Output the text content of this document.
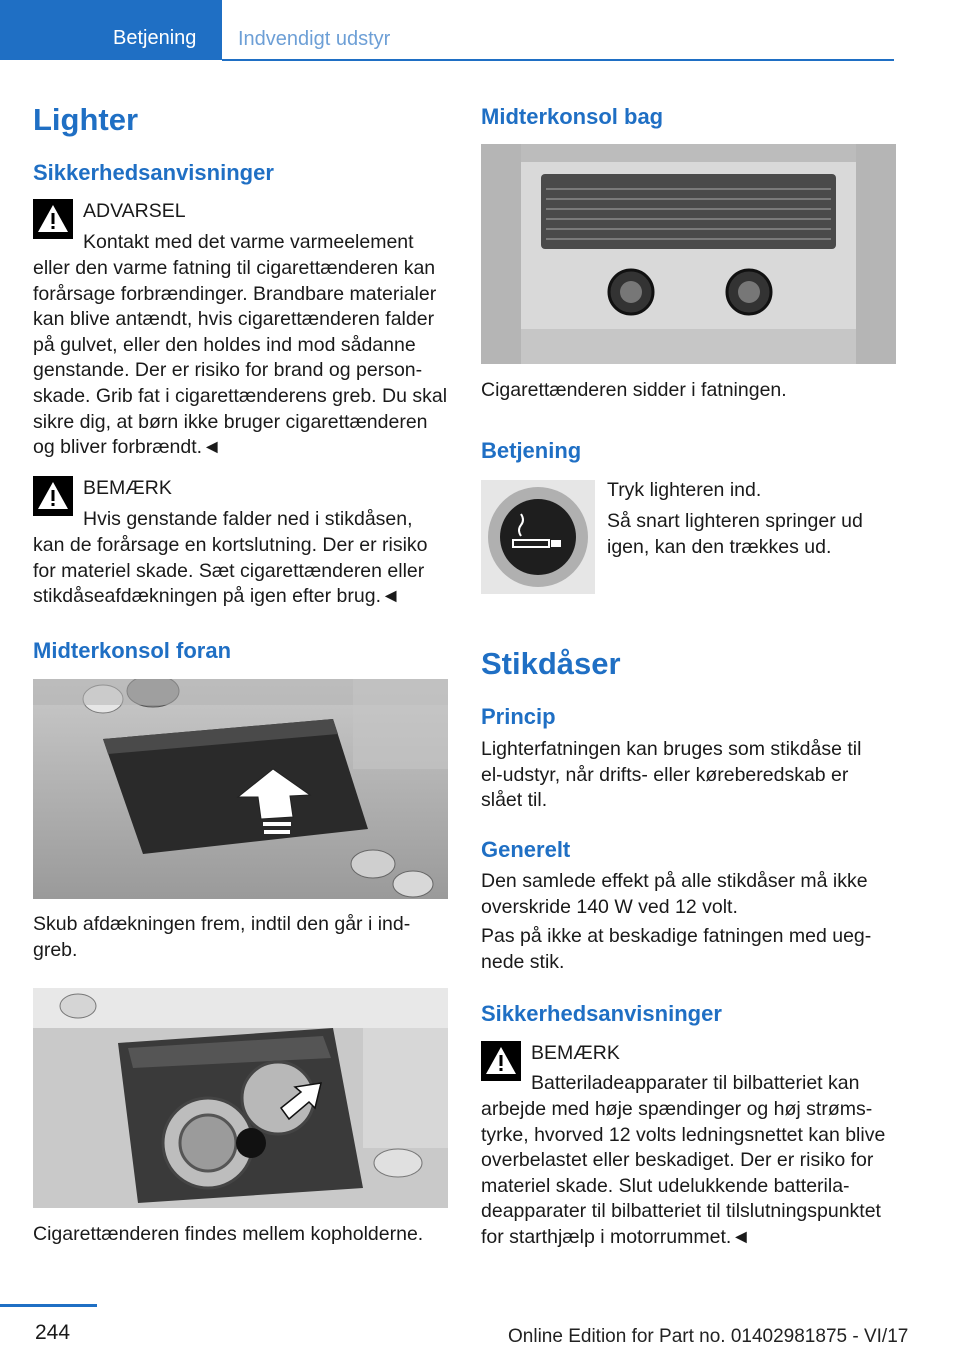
Betjening Indvendigt udstyr
Lighter
Sikkerhedsanvisninger
ADVARSEL
Kontakt med det varme varmeelement
eller den varme fatning til cigarettænderen kan forårsage forbrændinger. Brandbare materialer kan blive antændt, hvis cigarettænderen falder på gulvet, eller den holdes ind mod sådanne genstande. Der er risiko for brand og personskade. Grib fat i cigarettænderens greb. Du skal sikre dig, at børn ikke bruger cigarettænderen og bliver forbrændt.◄
BEMÆRK
Hvis genstande falder ned i stikdåsen,
kan de forårsage en kortslutning. Der er risiko for materiel skade. Sæt cigarettænderen eller stikdåseafdækningen på igen efter brug.◄
Midterkonsol foran
Skub afdækningen frem, indtil den går i indgreb.
Cigarettænderen findes mellem kopholderne.
Midterkonsol bag
Cigarettænderen sidder i fatningen.
Betjening
Tryk lighteren ind.
Så snart lighteren springer ud igen, kan den trækkes ud.
Stikdåser
Princip
Lighterfatningen kan bruges som stikdåse til el-udstyr, når drifts- eller køreberedskab er slået til.
Generelt
Den samlede effekt på alle stikdåser må ikke overskride 140 W ved 12 volt.
Pas på ikke at beskadige fatningen med uegnede stik.
Sikkerhedsanvisninger
BEMÆRK
Batteriladeapparater til bilbatteriet kan
arbejde med høje spændinger og høj strømstyrke, hvorved 12 volts ledningsnettet kan blive overbelastet eller beskadiget. Der er risiko for materiel skade. Slut udelukkende batteriladeapparater til bilbatteriet til tilslutningspunktet for starthjælp i motorrummet.◄
244	Online Edition for Part no. 01402981875 - VI/17
